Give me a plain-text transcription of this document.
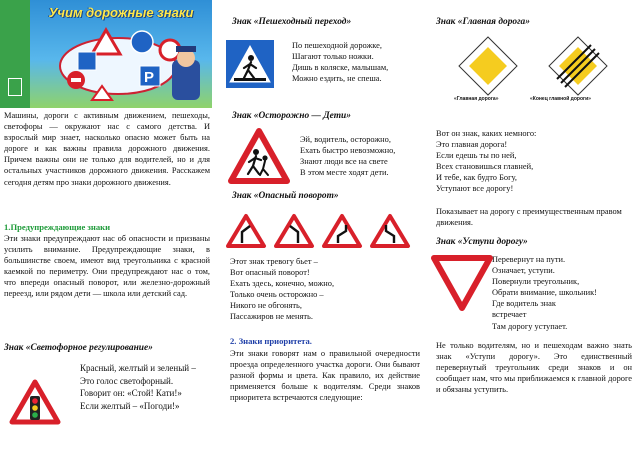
Учим дорожные знаки
P
Машины, дороги с активным движением, пешеходы, светофоры — окружают нас с самого детства. И взрослый мир знает, насколько опасно может быть на дороге и как важны правила дорожного движения. Причем важны они не только для водителей, но и для остальных участников дорожного движения. Расскажем сегодня детям про знаки дорожного движения.
1.Предупреждающие знаки
Эти знаки предупреждают нас об опасности и призваны усилить внимание. Предупреждающие знаки, в большинстве своем, имеют вид треугольника с красной каемкой по периметру. Они предупреждают нас о том, что впереди опасный поворот, или железно-дорожный переезд, или рядом дети — школа или детский сад.
Знак «Светофорное регулирование»
Красный, желтый и зеленый –
Это голос светофорный.
Говорит он: «Стой! Кати!»
Если желтый – «Погоди!»
Знак «Пешеходный переход»
По пешеходной дорожке,
Шагают только ножки.
Дишь в коляске, малышам,
Можно ездить, не спеша.
Знак «Осторожно — Дети»
Эй, водитель, осторожно,
Ехать быстро невозможно,
Знают люди все на свете
В этом месте ходят дети.
Знак «Опасный поворот»
Этот знак тревогу бьет –
Вот опасный поворот!
Ехать здесь, конечно, можно,
Только очень осторожно –
Никого не обгонять,
Пассажиров не менять.
2. Знаки приоритета.
Эти знаки говорят нам о правильной очередности проезда определенного участка дороги. Они бывают разной формы и цвета. Как правило, их действие применяется больше к водителям. Среди знаков приоритета встречаются следующие:
Знак «Главная дорога»
«Главная дорога»	«Конец главной дороги»
Вот он знак, каких немного:
Это главная дорога!
Если едешь ты по ней,
Всех становишься главней,
И тебе, как будто Богу,
Уступают все дорогу!
Показывает на дорогу с преимущественным правом движения.
Знак «Уступи дорогу»
Перевернут на пути.
Означает, уступи.
Повернули треугольник,
Обрати внимание, школьник!
Где водитель знак
встречает
Там дорогу уступает.
Не только водителям, но и пешеходам важно знать знак «Уступи дорогу». Это единственный перевернутый треугольник среди знаков и он сообщает нам, что мы приближаемся к главной дороге и обязаны уступить.
